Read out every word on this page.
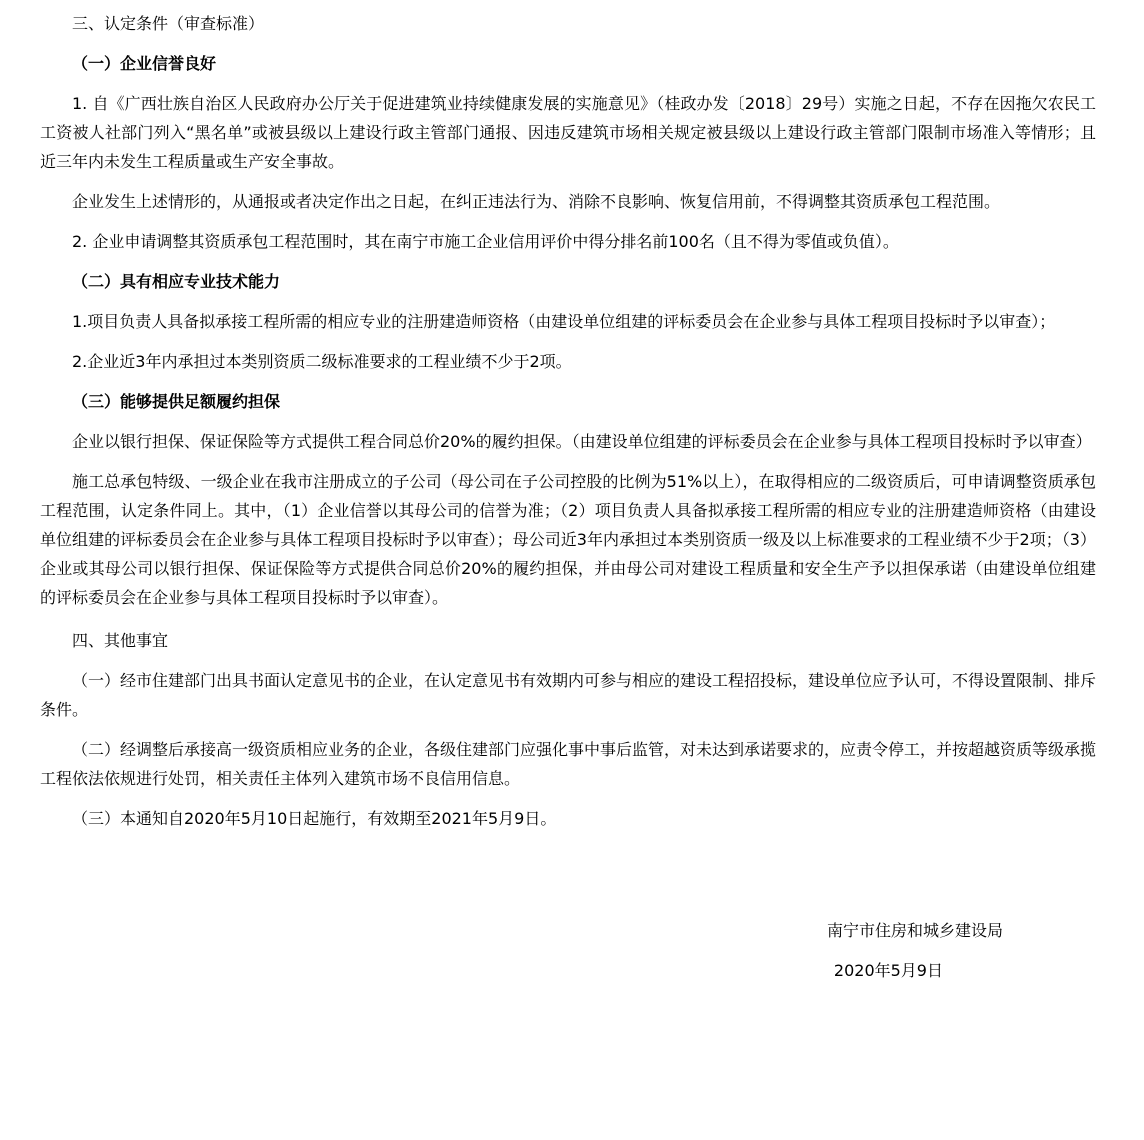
三、认定条件（审查标准）

（一）企业信誉良好

1. 自《广西壮族自治区人民政府办公厅关于促进建筑业持续健康发展的实施意见》（桂政办发〔2018〕29号）实施之日起，不存在因拖欠农民工工资被人社部门列入“黑名单”或被县级以上建设行政主管部门通报、因违反建筑市场相关规定被县级以上建设行政主管部门限制市场准入等情形；且近三年内未发生工程质量或生产安全事故。

企业发生上述情形的，从通报或者决定作出之日起，在纠正违法行为、消除不良影响、恢复信用前，不得调整其资质承包工程范围。

2. 企业申请调整其资质承包工程范围时，其在南宁市施工企业信用评价中得分排名前100名（且不得为零值或负值）。

（二）具有相应专业技术能力

1.项目负责人具备拟承接工程所需的相应专业的注册建造师资格（由建设单位组建的评标委员会在企业参与具体工程项目投标时予以审查）；

2.企业近3年内承担过本类别资质二级标准要求的工程业绩不少于2项。

（三）能够提供足额履约担保

企业以银行担保、保证保险等方式提供工程合同总价20%的履约担保。（由建设单位组建的评标委员会在企业参与具体工程项目投标时予以审查）

施工总承包特级、一级企业在我市注册成立的子公司（母公司在子公司控股的比例为51%以上），在取得相应的二级资质后，可申请调整资质承包工程范围，认定条件同上。其中，（1）企业信誉以其母公司的信誉为准；（2）项目负责人具备拟承接工程所需的相应专业的注册建造师资格（由建设单位组建的评标委员会在企业参与具体工程项目投标时予以审查）；母公司近3年内承担过本类别资质一级及以上标准要求的工程业绩不少于2项；（3）企业或其母公司以银行担保、保证保险等方式提供合同总价20%的履约担保，并由母公司对建设工程质量和安全生产予以担保承诺（由建设单位组建的评标委员会在企业参与具体工程项目投标时予以审查）。

四、其他事宜

（一）经市住建部门出具书面认定意见书的企业，在认定意见书有效期内可参与相应的建设工程招投标，建设单位应予认可，不得设置限制、排斥条件。

（二）经调整后承接高一级资质相应业务的企业，各级住建部门应强化事中事后监管，对未达到承诺要求的，应责令停工，并按超越资质等级承揽工程依法依规进行处罚，相关责任主体列入建筑市场不良信用信息。

（三）本通知自2020年5月10日起施行，有效期至2021年5月9日。

南宁市住房和城乡建设局

2020年5月9日
